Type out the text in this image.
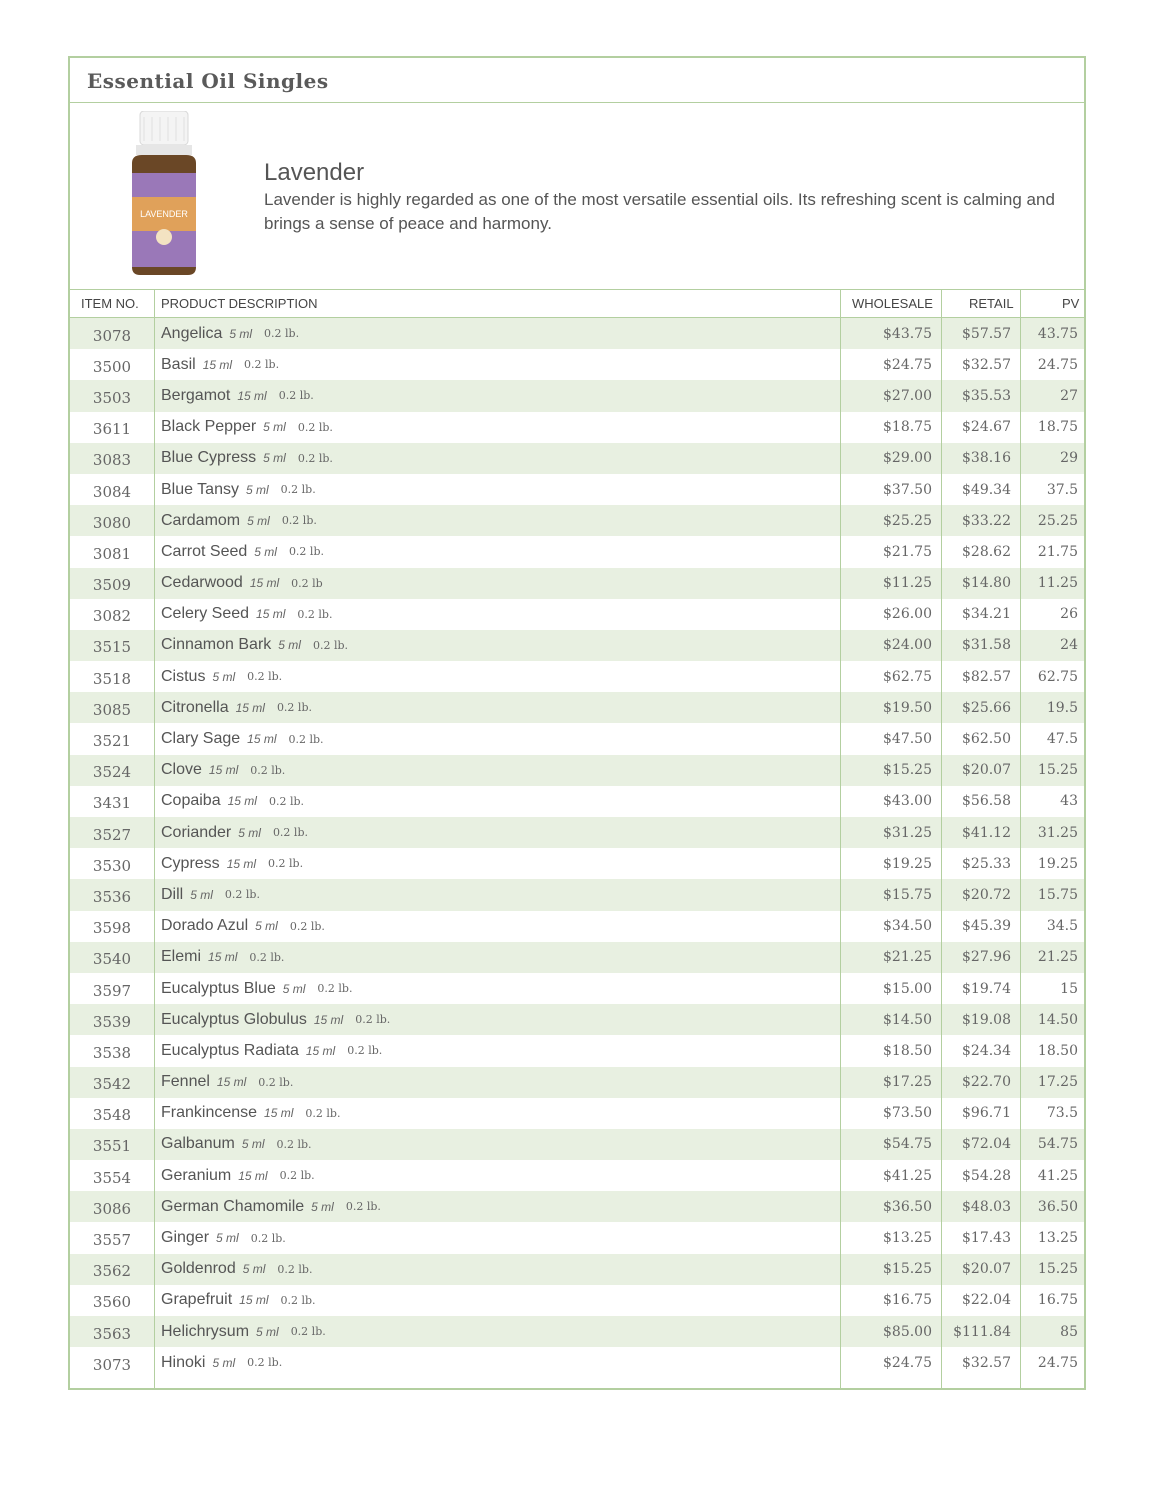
Essential Oil Singles
LAVENDER
Lavender
Lavender is highly regarded as one of the most versatile essential oils. Its refreshing scent is calming and brings a sense of peace and harmony.
ITEM NO. PRODUCT DESCRIPTION	WHOLESALE	RETAIL	PV
3078	Angelica 5 ml 0.2 lb.	$43.75	$57.57	43.75
3500	Basil 15 ml 0.2 lb.	$24.75	$32.57	24.75
3503	Bergamot 15 ml 0.2 lb.	$27.00	$35.53	27
3611	Black Pepper 5 ml 0.2 lb.	$18.75	$24.67	18.75
3083	Blue Cypress 5 ml 0.2 lb.	$29.00	$38.16	29
3084	Blue Tansy 5 ml 0.2 lb.	$37.50	$49.34	37.5
3080	Cardamom 5 ml 0.2 lb.	$25.25	$33.22	25.25
3081	Carrot Seed 5 ml 0.2 lb.	$21.75	$28.62	21.75
3509	Cedarwood 15 ml 0.2 lb	$11.25	$14.80	11.25
3082	Celery Seed 15 ml 0.2 lb.	$26.00	$34.21	26
3515	Cinnamon Bark 5 ml 0.2 lb.	$24.00	$31.58	24
3518	Cistus 5 ml 0.2 lb.	$62.75	$82.57	62.75
3085	Citronella 15 ml 0.2 lb.	$19.50	$25.66	19.5
3521	Clary Sage 15 ml 0.2 lb.	$47.50	$62.50	47.5
3524	Clove 15 ml 0.2 lb.	$15.25	$20.07	15.25
3431	Copaiba 15 ml 0.2 lb.	$43.00	$56.58	43
3527	Coriander 5 ml 0.2 lb.	$31.25	$41.12	31.25
3530	Cypress 15 ml 0.2 lb.	$19.25	$25.33	19.25
3536	Dill 5 ml 0.2 lb.	$15.75	$20.72	15.75
3598	Dorado Azul 5 ml 0.2 lb.	$34.50	$45.39	34.5
3540	Elemi 15 ml 0.2 lb.	$21.25	$27.96	21.25
3597	Eucalyptus Blue 5 ml 0.2 lb.	$15.00	$19.74	15
3539	Eucalyptus Globulus 15 ml 0.2 lb.	$14.50	$19.08	14.50
3538	Eucalyptus Radiata 15 ml 0.2 lb.	$18.50	$24.34	18.50
3542	Fennel 15 ml 0.2 lb.	$17.25	$22.70	17.25
3548	Frankincense 15 ml 0.2 lb.	$73.50	$96.71	73.5
3551	Galbanum 5 ml 0.2 lb.	$54.75	$72.04	54.75
3554	Geranium 15 ml 0.2 lb.	$41.25	$54.28	41.25
3086	German Chamomile 5 ml 0.2 lb.	$36.50	$48.03	36.50
3557	Ginger 5 ml 0.2 lb.	$13.25	$17.43	13.25
3562	Goldenrod 5 ml 0.2 lb.	$15.25	$20.07	15.25
3560	Grapefruit 15 ml 0.2 lb.	$16.75	$22.04	16.75
3563	Helichrysum 5 ml 0.2 lb.	$85.00	$111.84	85
3073	Hinoki 5 ml 0.2 lb.	$24.75	$32.57	24.75
